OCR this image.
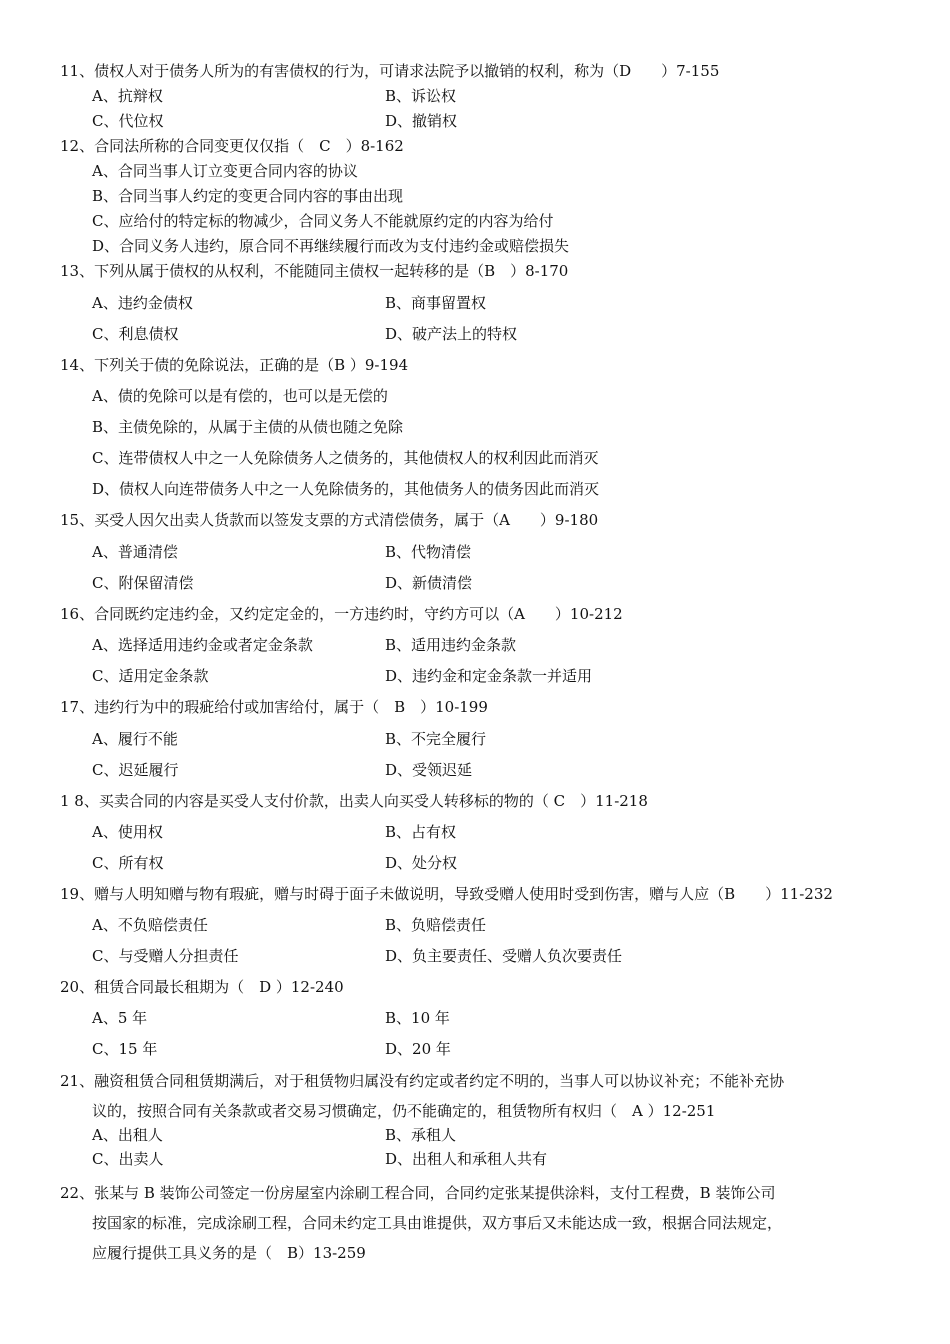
11、债权人对于债务人所为的有害债权的行为，可请求法院予以撤销的权利，称为（D　　）7-155
A、抗辩权	B、诉讼权
C、代位权	D、撤销权
12、合同法所称的合同变更仅仅指（　C　）8-162
A、合同当事人订立变更合同内容的协议
B、合同当事人约定的变更合同内容的事由出现
C、应给付的特定标的物减少，合同义务人不能就原约定的内容为给付
D、合同义务人违约，原合同不再继续履行而改为支付违约金或赔偿损失
13、下列从属于债权的从权利，不能随同主债权一起转移的是（B　）8-170
A、违约金债权	B、商事留置权
C、利息债权	D、破产法上的特权
14、下列关于债的免除说法，正确的是（B ）9-194
A、债的免除可以是有偿的，也可以是无偿的
B、主债免除的，从属于主债的从债也随之免除
C、连带债权人中之一人免除债务人之债务的，其他债权人的权利因此而消灭
D、债权人向连带债务人中之一人免除债务的，其他债务人的债务因此而消灭
15、买受人因欠出卖人货款而以签发支票的方式清偿债务，属于（A　　）9-180
A、普通清偿	B、代物清偿
C、附保留清偿	D、新债清偿
16、合同既约定违约金，又约定定金的，一方违约时，守约方可以（A　　）10-212
A、选择适用违约金或者定金条款	B、适用违约金条款
C、适用定金条款	D、违约金和定金条款一并适用
17、违约行为中的瑕疵给付或加害给付，属于（　B　）10-199
A、履行不能	B、不完全履行
C、迟延履行	D、受领迟延
1 8、买卖合同的内容是买受人支付价款，出卖人向买受人转移标的物的（ C　）11-218
A、使用权	B、占有权
C、所有权	D、处分权
19、赠与人明知赠与物有瑕疵，赠与时碍于面子未做说明，导致受赠人使用时受到伤害，赠与人应（B　　）11-232
A、不负赔偿责任	B、负赔偿责任
C、与受赠人分担责任	D、负主要责任、受赠人负次要责任
20、租赁合同最长租期为（　D ）12-240
A、5 年	B、10 年
C、15 年	D、20 年
21、融资租赁合同租赁期满后，对于租赁物归属没有约定或者约定不明的，当事人可以协议补充；不能补充协
议的，按照合同有关条款或者交易习惯确定，仍不能确定的，租赁物所有权归（　A ）12-251
A、出租人	B、承租人
C、出卖人	D、出租人和承租人共有
22、张某与 B 装饰公司签定一份房屋室内涂刷工程合同，合同约定张某提供涂料，支付工程费，B 装饰公司
按国家的标准，完成涂刷工程，合同未约定工具由谁提供，双方事后又未能达成一致，根据合同法规定，
应履行提供工具义务的是（　B）13-259
